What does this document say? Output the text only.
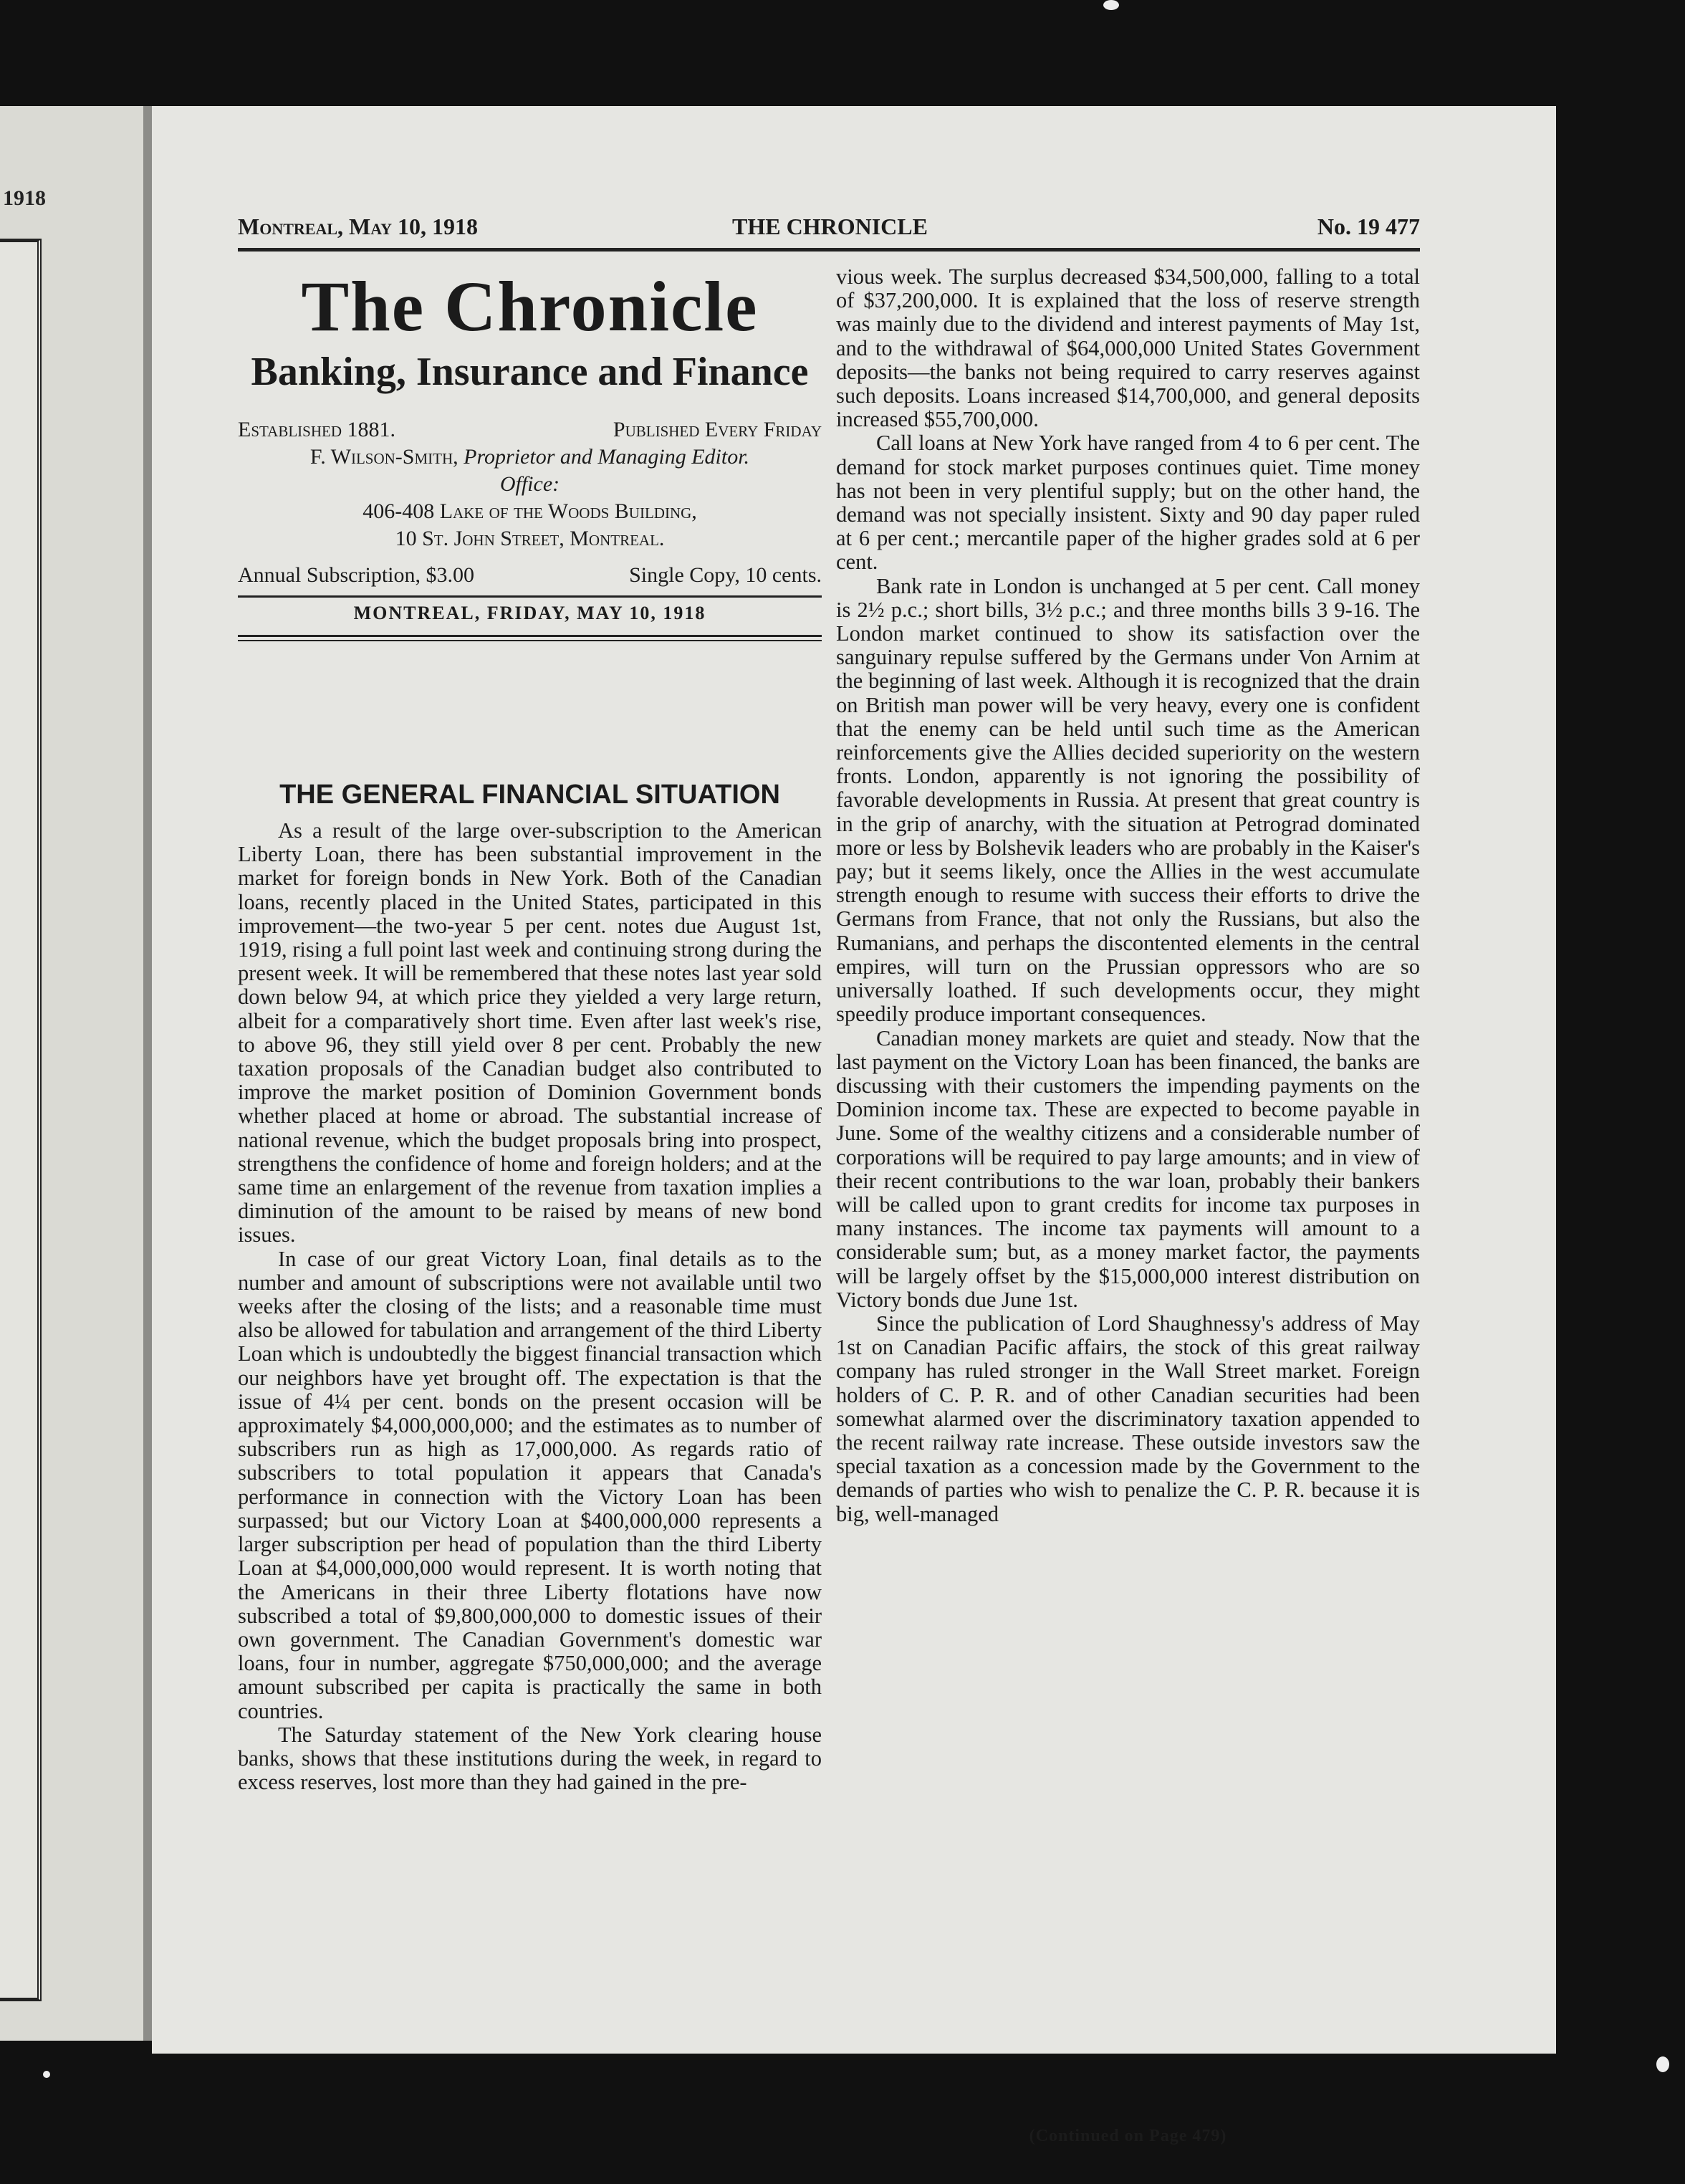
1918
Montreal, May 10, 1918	THE CHRONICLE	No. 19 477
The Chronicle
Banking, Insurance and Finance
Established 1881.	Published Every Friday
F. Wilson-Smith, Proprietor and Managing Editor.
Office:
406-408 Lake of the Woods Building,
10 St. John Street, Montreal.
Annual Subscription, $3.00	Single Copy, 10 cents.
MONTREAL, FRIDAY, MAY 10, 1918
THE GENERAL FINANCIAL SITUATION

As a result of the large over-subscription to the American Liberty Loan, there has been substantial improvement in the market for foreign bonds in New York. Both of the Canadian loans, recently placed in the United States, participated in this improvement—the two-year 5 per cent. notes due August 1st, 1919, rising a full point last week and continuing strong during the present week. It will be remembered that these notes last year sold down below 94, at which price they yielded a very large return, albeit for a comparatively short time. Even after last week's rise, to above 96, they still yield over 8 per cent. Probably the new taxation proposals of the Canadian budget also contributed to improve the market position of Dominion Government bonds whether placed at home or abroad. The substantial increase of national revenue, which the budget proposals bring into prospect, strengthens the confidence of home and foreign holders; and at the same time an enlargement of the revenue from taxation implies a diminution of the amount to be raised by means of new bond issues.

In case of our great Victory Loan, final details as to the number and amount of subscriptions were not available until two weeks after the closing of the lists; and a reasonable time must also be allowed for tabulation and arrangement of the third Liberty Loan which is undoubtedly the biggest financial transaction which our neighbors have yet brought off. The expectation is that the issue of 4¼ per cent. bonds on the present occasion will be approximately $4,000,000,000; and the estimates as to number of subscribers run as high as 17,000,000. As regards ratio of subscribers to total population it appears that Canada's performance in connection with the Victory Loan has been surpassed; but our Victory Loan at $400,000,000 represents a larger subscription per head of population than the third Liberty Loan at $4,000,000,000 would represent. It is worth noting that the Americans in their three Liberty flotations have now subscribed a total of $9,800,000,000 to domestic issues of their own government. The Canadian Government's domestic war loans, four in number, aggregate $750,000,000; and the average amount subscribed per capita is practically the same in both countries.

The Saturday statement of the New York clearing house banks, shows that these institutions during the week, in regard to excess reserves, lost more than they had gained in the pre-

vious week. The surplus decreased $34,500,000, falling to a total of $37,200,000. It is explained that the loss of reserve strength was mainly due to the dividend and interest payments of May 1st, and to the withdrawal of $64,000,000 United States Government deposits—the banks not being required to carry reserves against such deposits. Loans increased $14,700,000, and general deposits increased $55,700,000.

Call loans at New York have ranged from 4 to 6 per cent. The demand for stock market purposes continues quiet. Time money has not been in very plentiful supply; but on the other hand, the demand was not specially insistent. Sixty and 90 day paper ruled at 6 per cent.; mercantile paper of the higher grades sold at 6 per cent.

Bank rate in London is unchanged at 5 per cent. Call money is 2½ p.c.; short bills, 3½ p.c.; and three months bills 3 9-16. The London market continued to show its satisfaction over the sanguinary repulse suffered by the Germans under Von Arnim at the beginning of last week. Although it is recognized that the drain on British man power will be very heavy, every one is confident that the enemy can be held until such time as the American reinforcements give the Allies decided superiority on the western fronts. London, apparently is not ignoring the possibility of favorable developments in Russia. At present that great country is in the grip of anarchy, with the situation at Petrograd dominated more or less by Bolshevik leaders who are probably in the Kaiser's pay; but it seems likely, once the Allies in the west accumulate strength enough to resume with success their efforts to drive the Germans from France, that not only the Russians, but also the Rumanians, and perhaps the discontented elements in the central empires, will turn on the Prussian oppressors who are so universally loathed. If such developments occur, they might speedily produce important consequences.

Canadian money markets are quiet and steady. Now that the last payment on the Victory Loan has been financed, the banks are discussing with their customers the impending payments on the Dominion income tax. These are expected to become payable in June. Some of the wealthy citizens and a considerable number of corporations will be required to pay large amounts; and in view of their recent contributions to the war loan, probably their bankers will be called upon to grant credits for income tax purposes in many instances. The income tax payments will amount to a considerable sum; but, as a money market factor, the payments will be largely offset by the $15,000,000 interest distribution on Victory bonds due June 1st.

Since the publication of Lord Shaughnessy's address of May 1st on Canadian Pacific affairs, the stock of this great railway company has ruled stronger in the Wall Street market. Foreign holders of C. P. R. and of other Canadian securities had been somewhat alarmed over the discriminatory taxation appended to the recent railway rate increase. These outside investors saw the special taxation as a concession made by the Government to the demands of parties who wish to penalize the C. P. R. because it is big, well-managed

(Continued on Page 479)
